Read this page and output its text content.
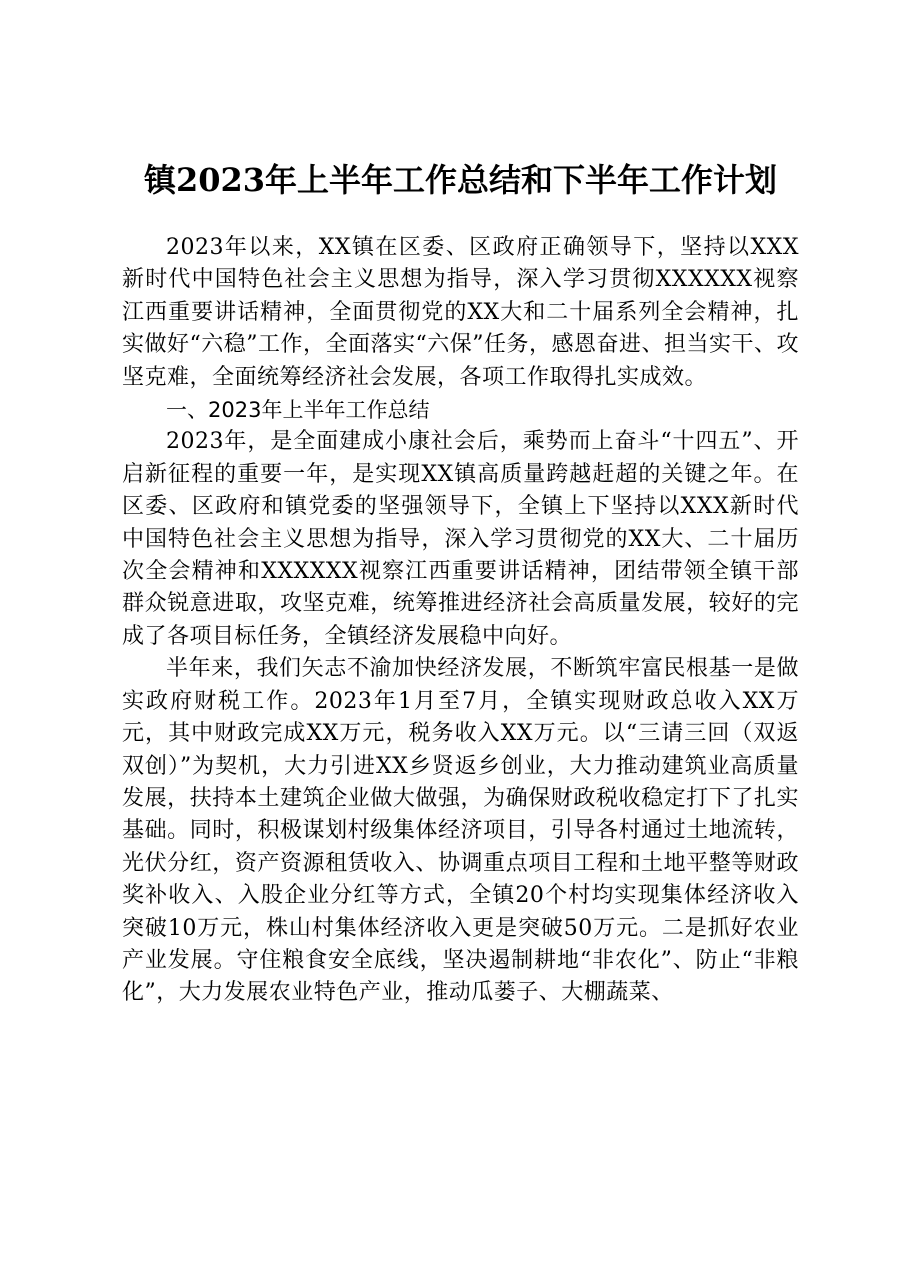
镇2023年上半年工作总结和下半年工作计划

2023年以来，XX镇在区委、区政府正确领导下，坚持以XXX新时代中国特色社会主义思想为指导，深入学习贯彻XXXXXX视察江西重要讲话精神，全面贯彻党的XX大和二十届系列全会精神，扎实做好“六稳”工作，全面落实“六保”任务，感恩奋进、担当实干、攻坚克难，全面统筹经济社会发展，各项工作取得扎实成效。

一、2023年上半年工作总结

2023年，是全面建成小康社会后，乘势而上奋斗“十四五”、开启新征程的重要一年，是实现XX镇高质量跨越赶超的关键之年。在区委、区政府和镇党委的坚强领导下，全镇上下坚持以XXX新时代中国特色社会主义思想为指导，深入学习贯彻党的XX大、二十届历次全会精神和XXXXXX视察江西重要讲话精神，团结带领全镇干部群众锐意进取，攻坚克难，统筹推进经济社会高质量发展，较好的完成了各项目标任务，全镇经济发展稳中向好。

半年来，我们矢志不渝加快经济发展，不断筑牢富民根基一是做实政府财税工作。2023年1月至7月，全镇实现财政总收入XX万元，其中财政完成XX万元，税务收入XX万元。以“三请三回（双返双创）”为契机，大力引进XX乡贤返乡创业，大力推动建筑业高质量发展，扶持本土建筑企业做大做强，为确保财政税收稳定打下了扎实基础。同时，积极谋划村级集体经济项目，引导各村通过土地流转，光伏分红，资产资源租赁收入、协调重点项目工程和土地平整等财政奖补收入、入股企业分红等方式，全镇20个村均实现集体经济收入突破10万元，株山村集体经济收入更是突破50万元。二是抓好农业产业发展。守住粮食安全底线，坚决遏制耕地“非农化”、防止“非粮化”，大力发展农业特色产业，推动瓜蒌子、大棚蔬菜、
